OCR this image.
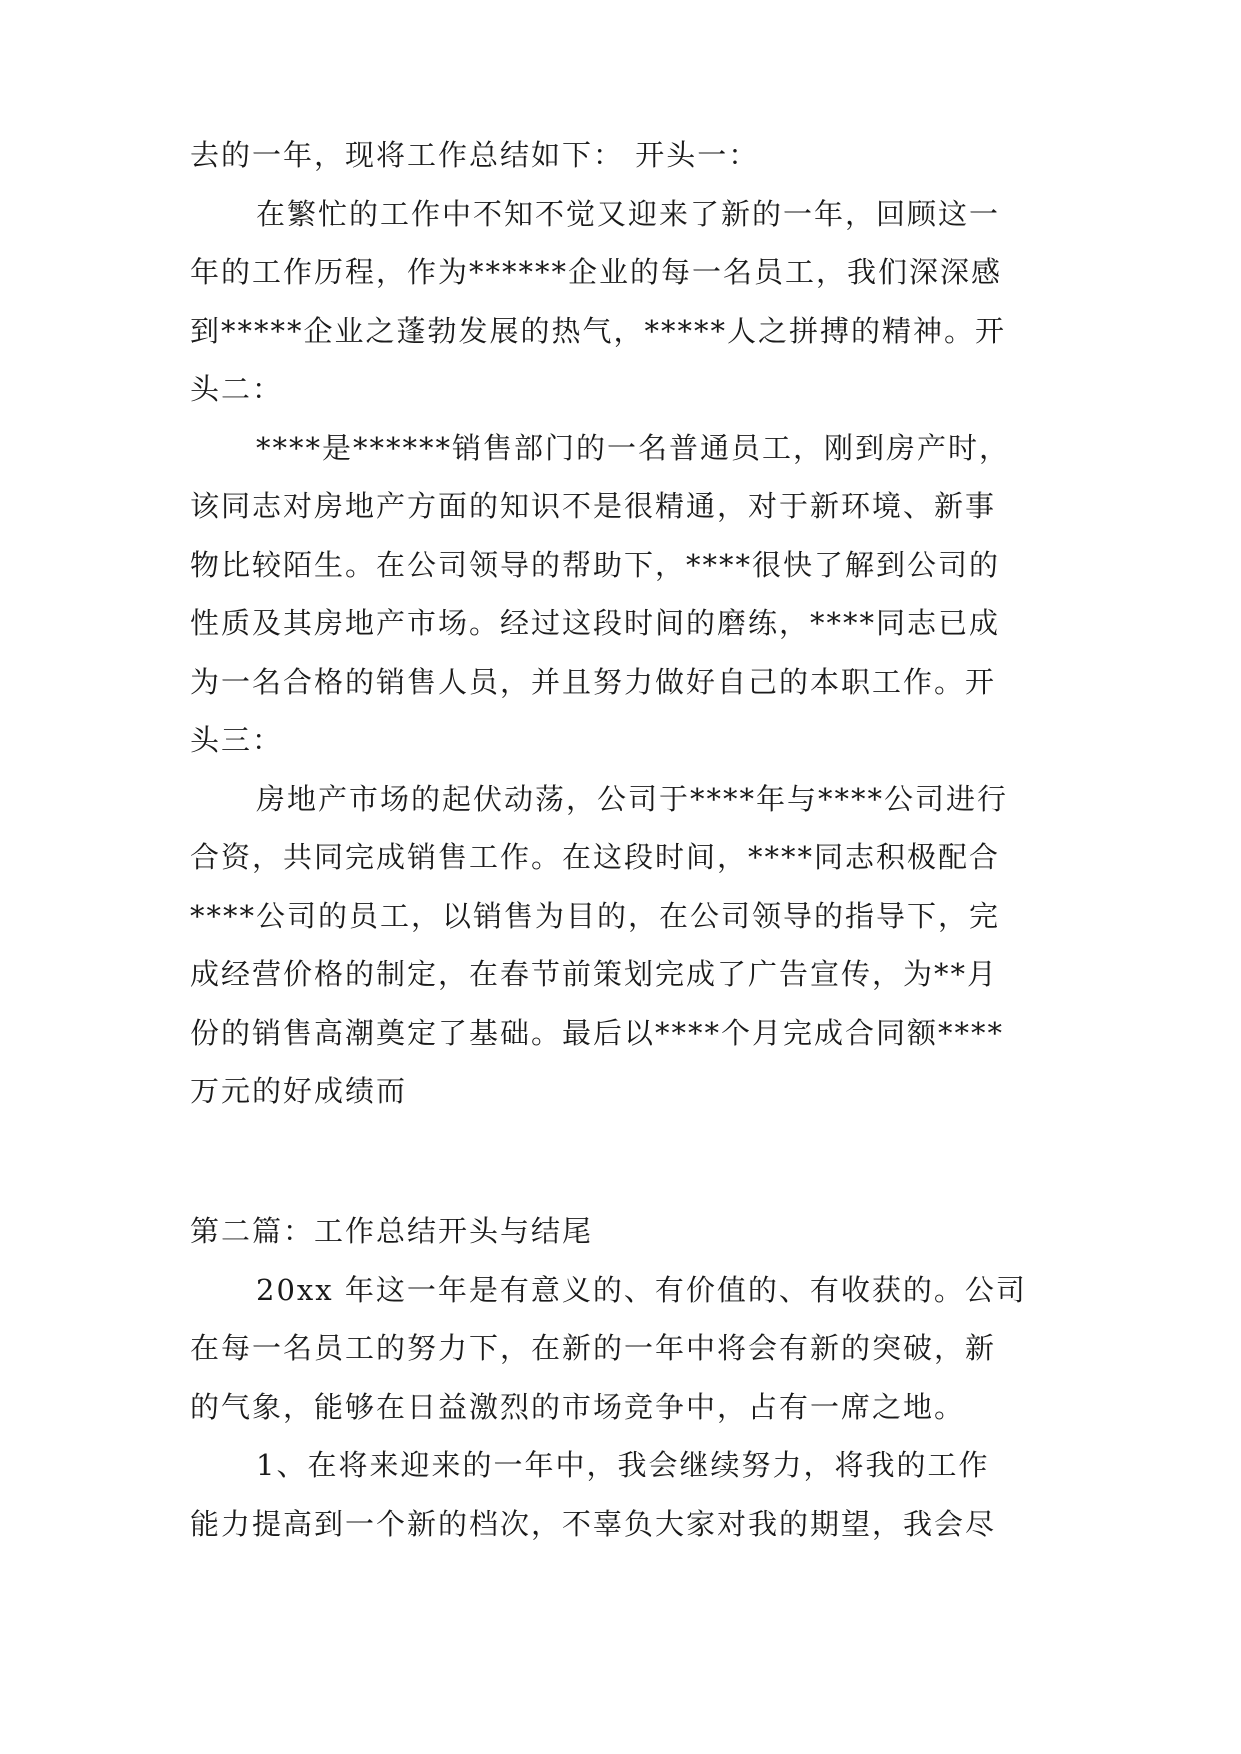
去的一年，现将工作总结如下： 开头一：
在繁忙的工作中不知不觉又迎来了新的一年，回顾这一
年的工作历程，作为******企业的每一名员工，我们深深感
到*****企业之蓬勃发展的热气，*****人之拼搏的精神。开
头二：
****是******销售部门的一名普通员工，刚到房产时，
该同志对房地产方面的知识不是很精通，对于新环境、新事
物比较陌生。在公司领导的帮助下，****很快了解到公司的
性质及其房地产市场。经过这段时间的磨练，****同志已成
为一名合格的销售人员，并且努力做好自己的本职工作。开
头三：
房地产市场的起伏动荡，公司于****年与****公司进行
合资，共同完成销售工作。在这段时间，****同志积极配合
****公司的员工，以销售为目的，在公司领导的指导下，完
成经营价格的制定，在春节前策划完成了广告宣传，为**月
份的销售高潮奠定了基础。最后以****个月完成合同额****
万元的好成绩而
第二篇：工作总结开头与结尾
20xx 年这一年是有意义的、有价值的、有收获的。公司
在每一名员工的努力下，在新的一年中将会有新的突破，新
的气象，能够在日益激烈的市场竞争中，占有一席之地。
1、在将来迎来的一年中，我会继续努力，将我的工作
能力提高到一个新的档次，不辜负大家对我的期望，我会尽
